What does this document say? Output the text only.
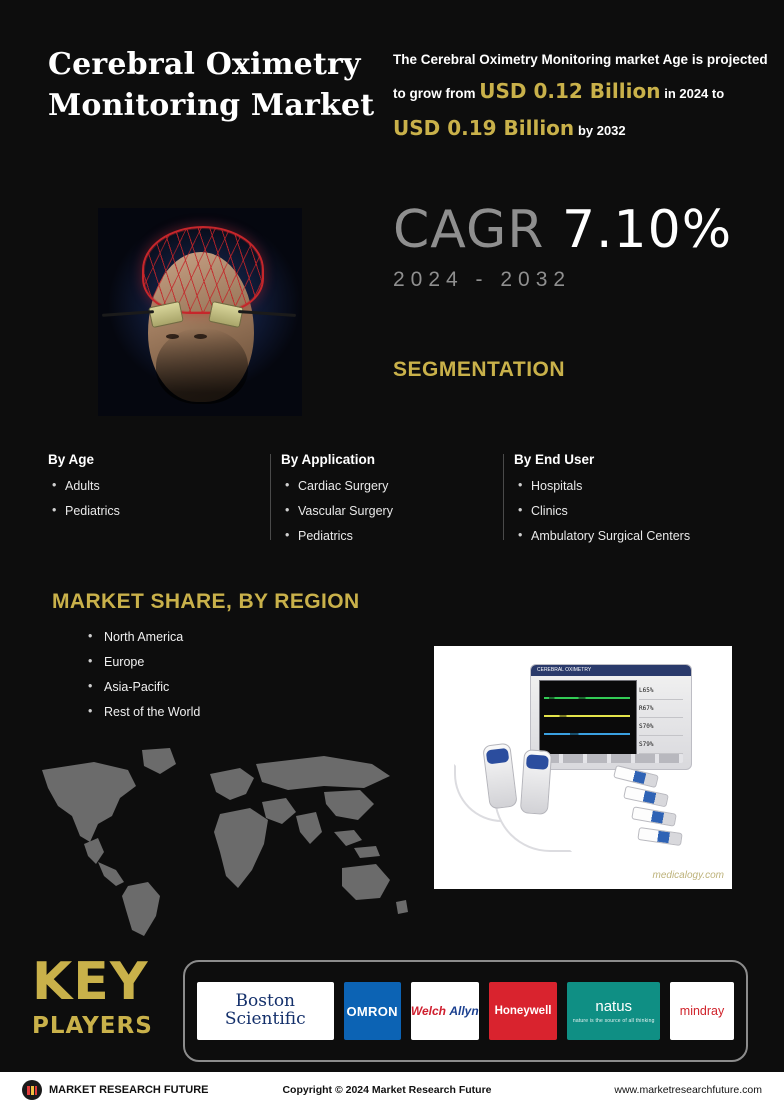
Cerebral Oximetry Monitoring Market
The Cerebral Oximetry Monitoring market Age is projected to grow from USD 0.12 Billion in 2024 to USD 0.19 Billion by 2032
CAGR 7.10%
2024 - 2032
SEGMENTATION
By Age
• Adults
• Pediatrics
By Application
• Cardiac Surgery
• Vascular Surgery
• Pediatrics
By End User
• Hospitals
• Clinics
• Ambulatory Surgical Centers
MARKET SHARE, BY REGION
• North America
• Europe
• Asia-Pacific
• Rest of the World
CEREBRAL OXIMETRY
L65%
R67%
S70%
S79%
medicalogy.com
KEY
PLAYERS
Boston
Scientific	OMRON Welch
Allyn Honeywell	natus
nature is the source of all thinking
mindray
MARKET RESEARCH FUTURE	Copyright © 2024 Market Research Future	www.marketresearchfuture.com
